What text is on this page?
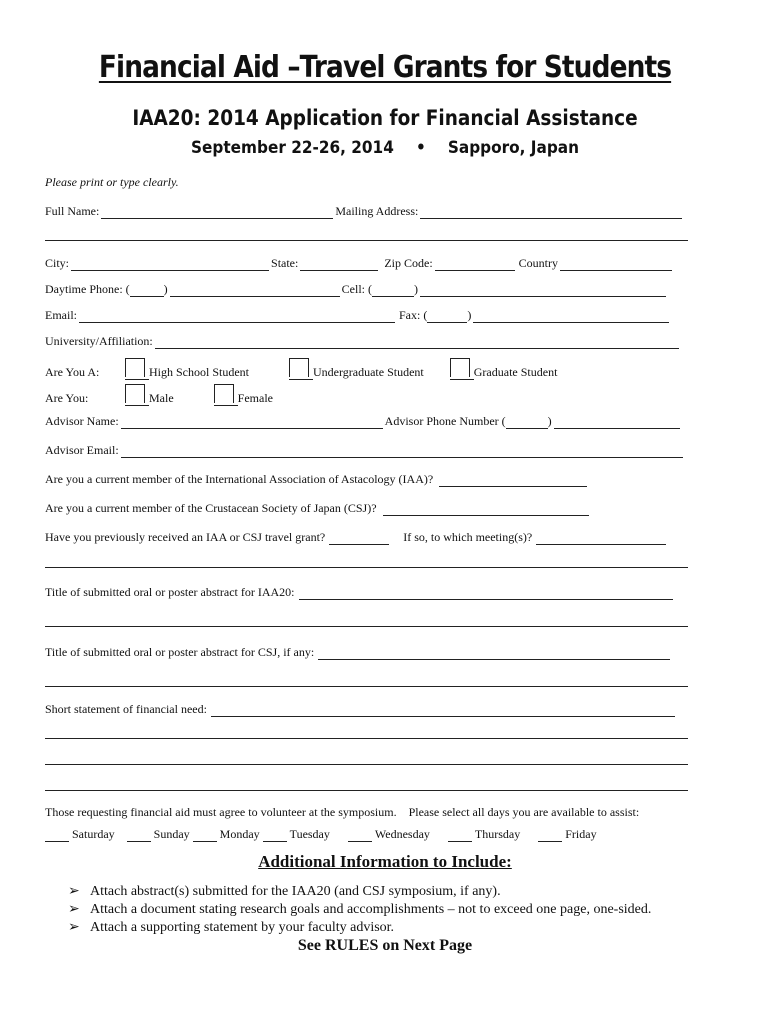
Financial Aid –Travel Grants for Students
IAA20: 2014 Application for Financial Assistance
September 22-26, 2014 • Sapporo, Japan
Please print or type clearly.
Full Name:	Mailing Address:
City:	State:	Zip Code:	Country
Daytime Phone: (	)	Cell: (	)
Email:	Fax: (	)
University/Affiliation:
Are You A:	High School Student	Undergraduate Student	Graduate Student
Are You:	Male	Female
Advisor Name:	Advisor Phone Number (	)
Advisor Email:
Are you a current member of the International Association of Astacology (IAA)?
Are you a current member of the Crustacean Society of Japan (CSJ)?
Have you previously received an IAA or CSJ travel grant?	If so, to which meeting(s)?
Title of submitted oral or poster abstract for IAA20:
Title of submitted oral or poster abstract for CSJ, if any:
Short statement of financial need:
Those requesting financial aid must agree to volunteer at the symposium.    Please select all days you are available to assist:
Saturday	Sunday	Monday	Tuesday	Wednesday	Thursday	Friday
Additional Information to Include:
➢ Attach abstract(s) submitted for the IAA20 (and CSJ symposium, if any).
➢ Attach a document stating research goals and accomplishments – not to exceed one page, one-sided.
➢ Attach a supporting statement by your faculty advisor.
See RULES on Next Page
